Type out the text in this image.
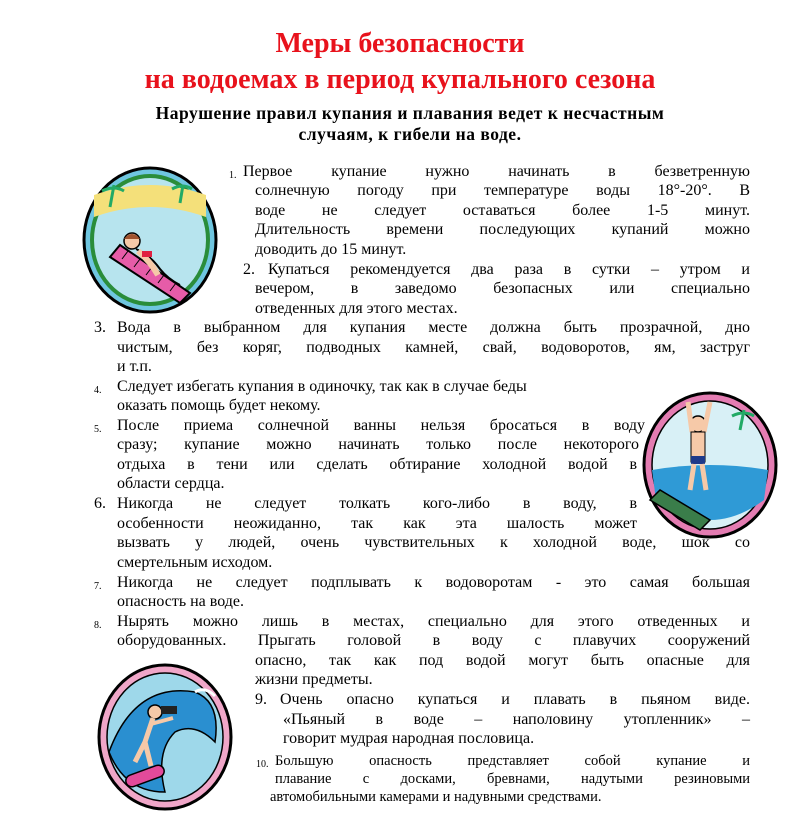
Меры безопасности
на водоемах в период купального сезона
Нарушение правил купания и плавания ведет к несчастным
случаям, к гибели на воде.
1. Первое купание нужно начинать в безветренную
солнечную погоду при температуре воды 18°-20°. В
воде не следует оставаться более 1-5 минут.
Длительность времени последующих купаний можно
доводить до 15 минут.
2. Купаться рекомендуется два раза в сутки – утром и
вечером, в заведомо безопасных или специально
отведенных для этого местах.
3. Вода в выбранном для купания месте должна быть прозрачной, дно
чистым, без коряг, подводных камней, свай, водоворотов, ям, заструг
и т.п.
4. Следует избегать купания в одиночку, так как в случае беды
оказать помощь будет некому.
5. После приема солнечной ванны нельзя бросаться в воду
сразу; купание можно начинать только после некоторого
отдыха в тени или сделать обтирание холодной водой в
области сердца.
6. Никогда не следует толкать кого-либо в воду, в
особенности неожиданно, так как эта шалость может
вызвать у людей, очень чувствительных к холодной воде, шок со
смертельным исходом.
7. Никогда не следует подплывать к водоворотам - это самая большая
опасность на воде.
8. Нырять можно лишь в местах, специально для этого отведенных и
оборудованных. Прыгать головой в воду с плавучих сооружений
опасно, так как под водой могут быть опасные для
жизни предметы.
9. Очень опасно купаться и плавать в пьяном виде.
«Пьяный в воде – наполовину утопленник» –
говорит мудрая народная пословица.
10. Большую опасность представляет собой купание и
плавание с досками, бревнами, надутыми резиновыми
автомобильными камерами и надувными средствами.
